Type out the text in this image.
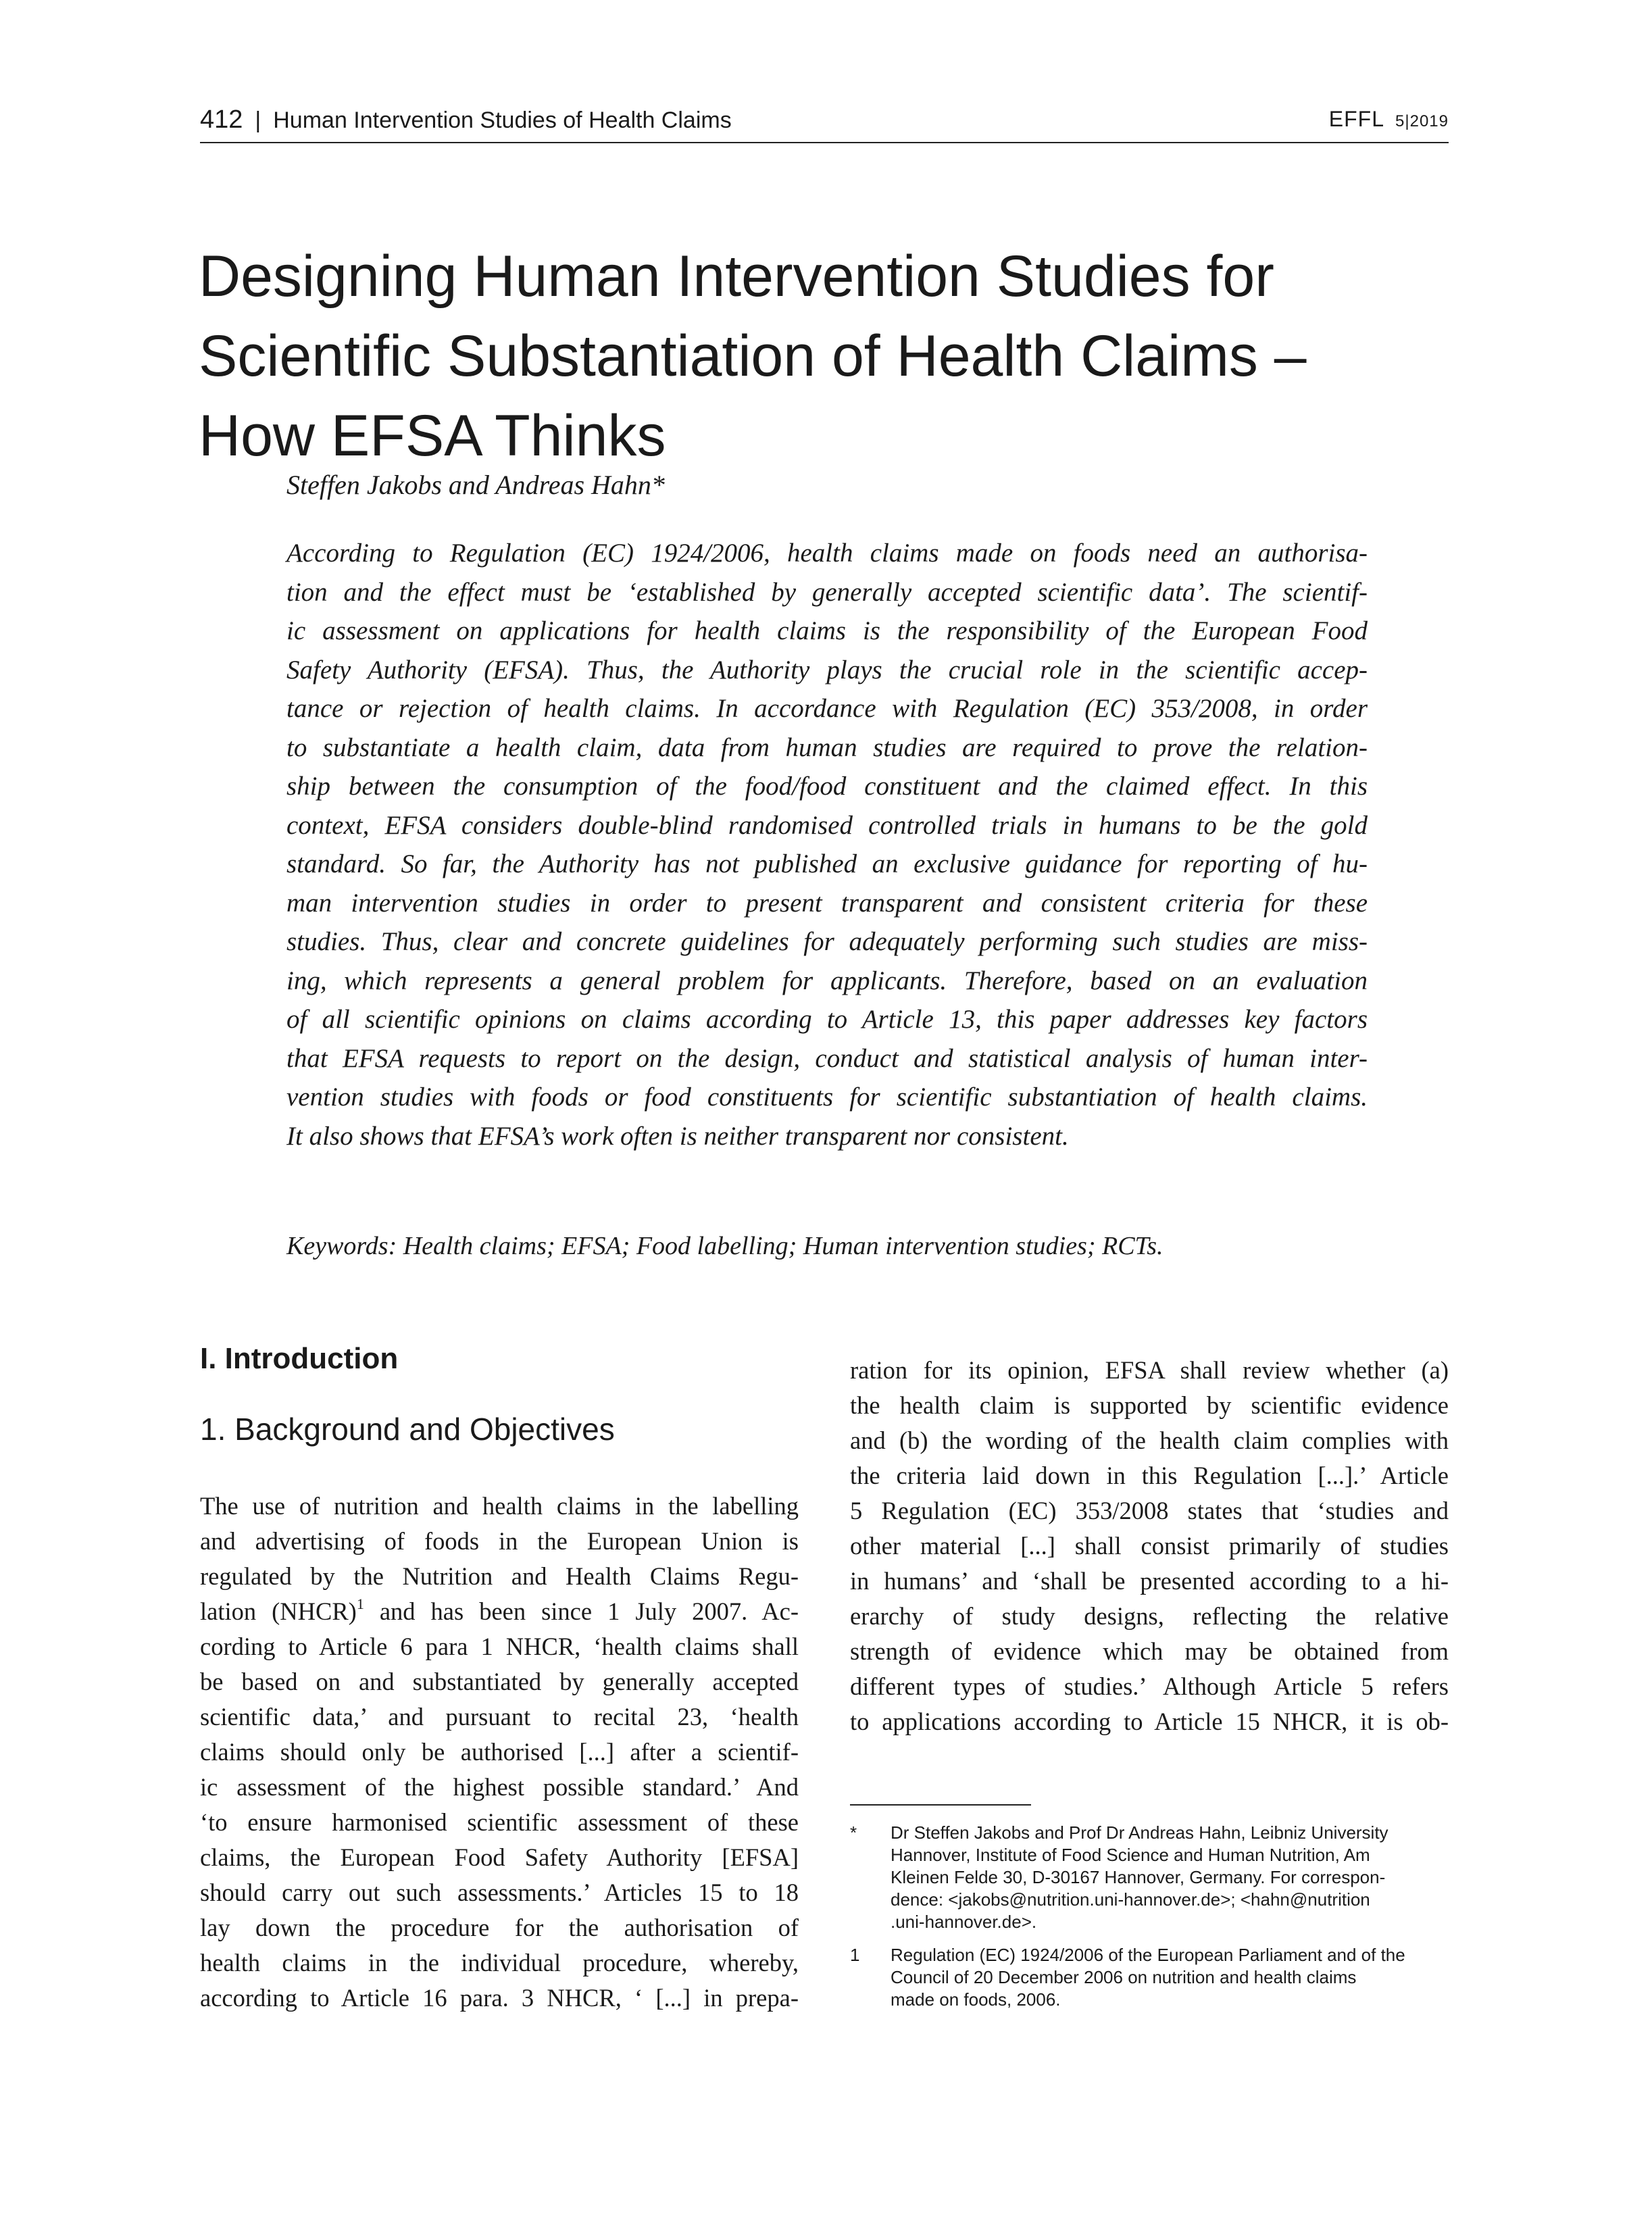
412 | Human Intervention Studies of Health Claims	EFFL 5|2019
Designing Human Intervention Studies for
Scientific Substantiation of Health Claims –
How EFSA Thinks

Steffen Jakobs and Andreas Hahn*

According to Regulation (EC) 1924/2006, health claims made on foods need an authorisa-
tion and the effect must be ‘established by generally accepted scientific data’. The scientif-
ic assessment on applications for health claims is the responsibility of the European Food
Safety Authority (EFSA). Thus, the Authority plays the crucial role in the scientific accep-
tance or rejection of health claims. In accordance with Regulation (EC) 353/2008, in order
to substantiate a health claim, data from human studies are required to prove the relation-
ship between the consumption of the food/food constituent and the claimed effect. In this
context, EFSA considers double-blind randomised controlled trials in humans to be the gold
standard. So far, the Authority has not published an exclusive guidance for reporting of hu-
man intervention studies in order to present transparent and consistent criteria for these
studies. Thus, clear and concrete guidelines for adequately performing such studies are miss-
ing, which represents a general problem for applicants. Therefore, based on an evaluation
of all scientific opinions on claims according to Article 13, this paper addresses key factors
that EFSA requests to report on the design, conduct and statistical analysis of human inter-
vention studies with foods or food constituents for scientific substantiation of health claims.
It also shows that EFSA’s work often is neither transparent nor consistent.

Keywords: Health claims; EFSA; Food labelling; Human intervention studies; RCTs.

I. Introduction
1. Background and Objectives
The use of nutrition and health claims in the labelling
and advertising of foods in the European Union is
regulated by the Nutrition and Health Claims Regu-
lation (NHCR)$^1$ and has been since 1 July 2007. Ac-
cording to Article 6 para 1 NHCR, ‘health claims shall
be based on and substantiated by generally accepted
scientific data,’ and pursuant to recital 23, ‘health
claims should only be authorised [...] after a scientif-
ic assessment of the highest possible standard.’ And
‘to ensure harmonised scientific assessment of these
claims, the European Food Safety Authority [EFSA]
should carry out such assessments.’ Articles 15 to 18
lay down the procedure for the authorisation of
health claims in the individual procedure, whereby,
according to Article 16 para. 3 NHCR, ‘ [...] in prepa-
ration for its opinion, EFSA shall review whether (a)
the health claim is supported by scientific evidence
and (b) the wording of the health claim complies with
the criteria laid down in this Regulation [...].’ Article
5 Regulation (EC) 353/2008 states that ‘studies and
other material [...] shall consist primarily of studies
in humans’ and ‘shall be presented according to a hi-
erarchy of study designs, reflecting the relative
strength of evidence which may be obtained from
different types of studies.’ Although Article 5 refers
to applications according to Article 15 NHCR, it is ob-
* Dr Steffen Jakobs and Prof Dr Andreas Hahn, Leibniz University
Hannover, Institute of Food Science and Human Nutrition, Am
Kleinen Felde 30, D-30167 Hannover, Germany. For correspon-
dence: <jakobs@nutrition.uni-hannover.de>; <hahn@nutrition
.uni-hannover.de>.
1 Regulation (EC) 1924/2006 of the European Parliament and of the
Council of 20 December 2006 on nutrition and health claims
made on foods, 2006.
